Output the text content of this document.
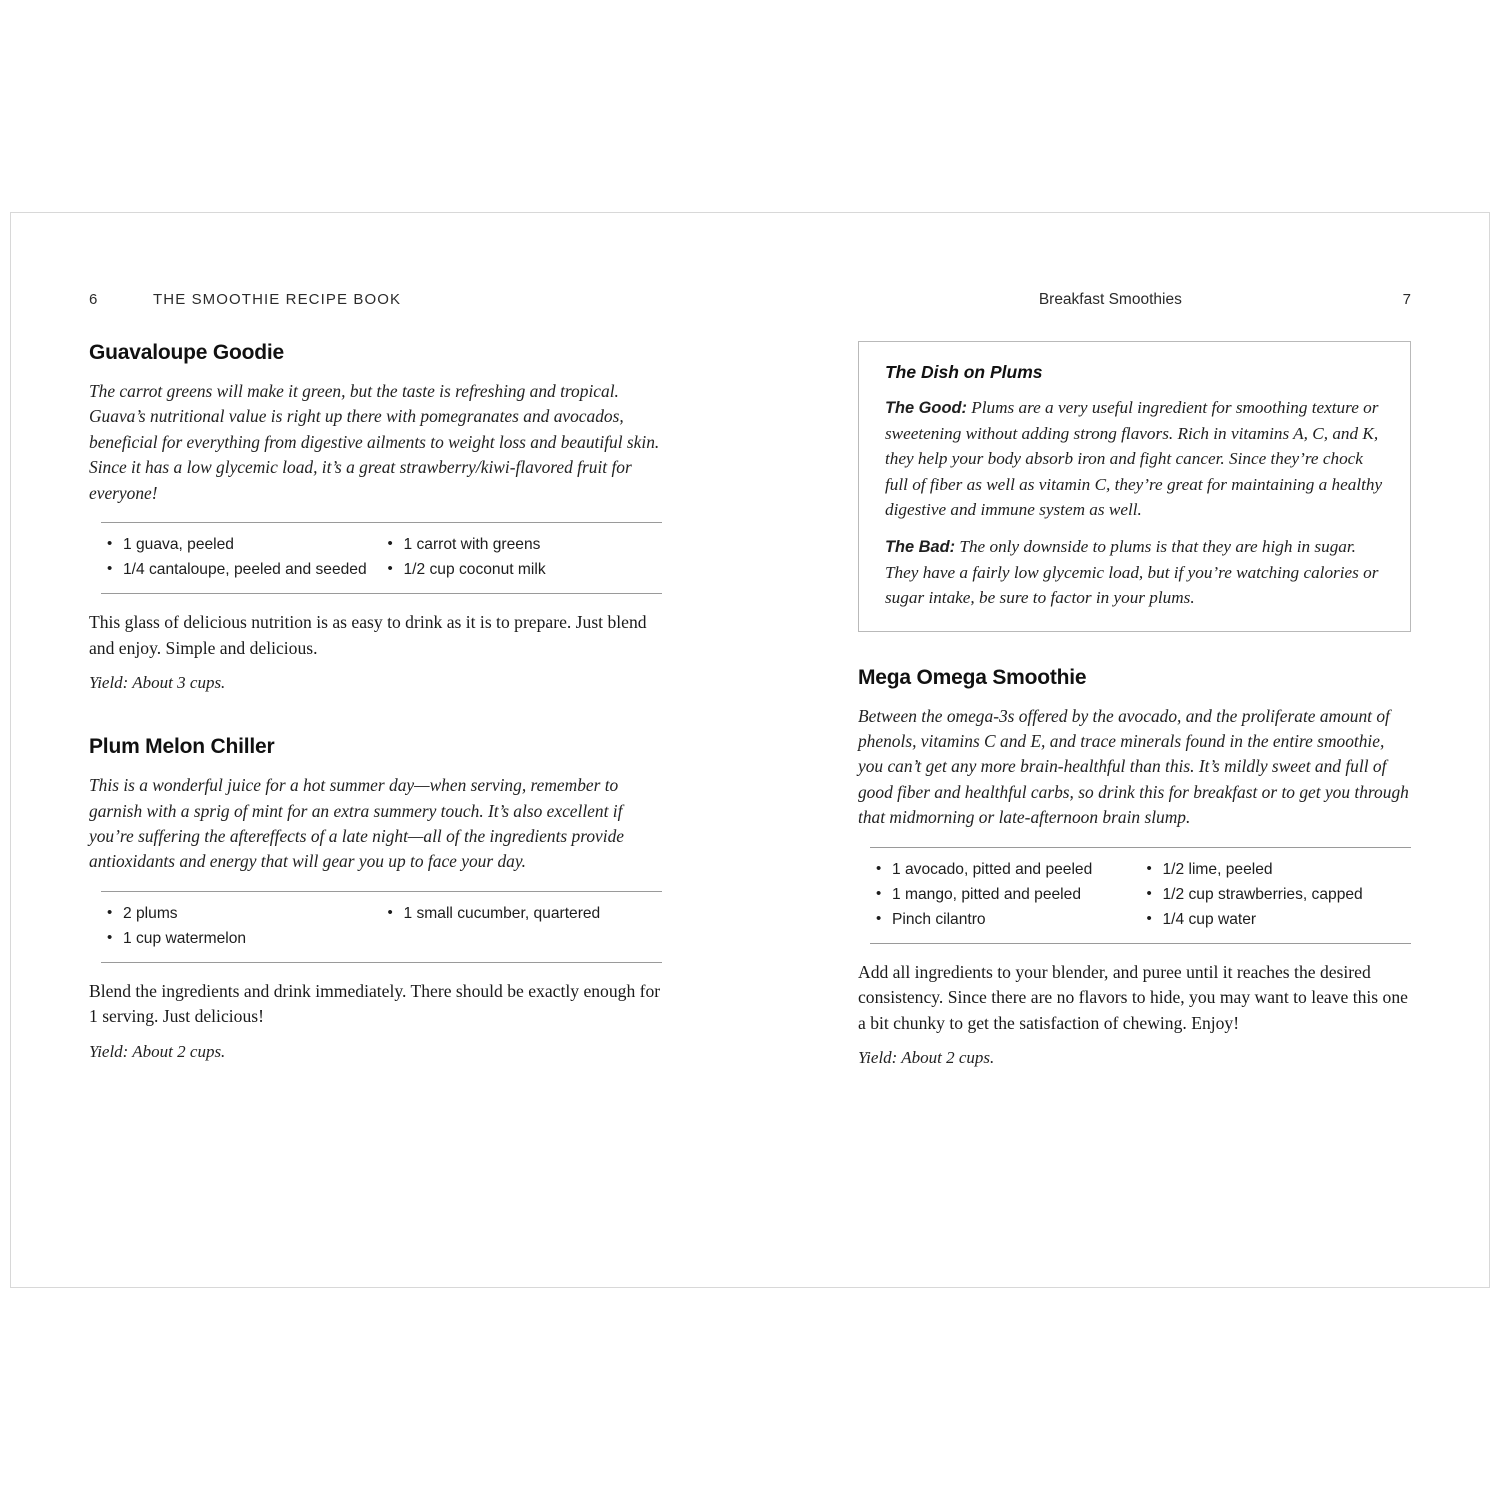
6	THE SMOOTHIE RECIPE BOOK
Guavaloupe Goodie

The carrot greens will make it green, but the taste is refreshing and tropical. Guava’s nutritional value is right up there with pomegranates and avocados, beneficial for everything from digestive ailments to weight loss and beautiful skin. Since it has a low glycemic load, it’s a great strawberry/kiwi-flavored fruit for everyone!

• 1 guava, peeled
• 1/4 cantaloupe, peeled and seeded
• 1 carrot with greens
• 1/2 cup coconut milk

This glass of delicious nutrition is as easy to drink as it is to prepare. Just blend and enjoy. Simple and delicious.

Yield: About 3 cups.

Plum Melon Chiller

This is a wonderful juice for a hot summer day—when serving, remember to garnish with a sprig of mint for an extra summery touch. It’s also excellent if you’re suffering the aftereffects of a late night—all of the ingredients provide antioxidants and energy that will gear you up to face your day.

• 2 plums
• 1 cup watermelon
• 1 small cucumber, quartered

Blend the ingredients and drink immediately. There should be exactly enough for 1 serving. Just delicious!

Yield: About 2 cups.

Breakfast Smoothies	7
The Dish on Plums

The Good: Plums are a very useful ingredient for smoothing texture or sweetening without adding strong flavors. Rich in vitamins A, C, and K, they help your body absorb iron and fight cancer. Since they’re chock full of fiber as well as vitamin C, they’re great for maintaining a healthy digestive and immune system as well.

The Bad: The only downside to plums is that they are high in sugar. They have a fairly low glycemic load, but if you’re watching calories or sugar intake, be sure to factor in your plums.

Mega Omega Smoothie

Between the omega-3s offered by the avocado, and the proliferate amount of phenols, vitamins C and E, and trace minerals found in the entire smoothie, you can’t get any more brain-healthful than this. It’s mildly sweet and full of good fiber and healthful carbs, so drink this for breakfast or to get you through that midmorning or late-afternoon brain slump.

• 1 avocado, pitted and peeled
• 1 mango, pitted and peeled
• Pinch cilantro
• 1/2 lime, peeled
• 1/2 cup strawberries, capped
• 1/4 cup water

Add all ingredients to your blender, and puree until it reaches the desired consistency. Since there are no flavors to hide, you may want to leave this one a bit chunky to get the satisfaction of chewing. Enjoy!

Yield: About 2 cups.
